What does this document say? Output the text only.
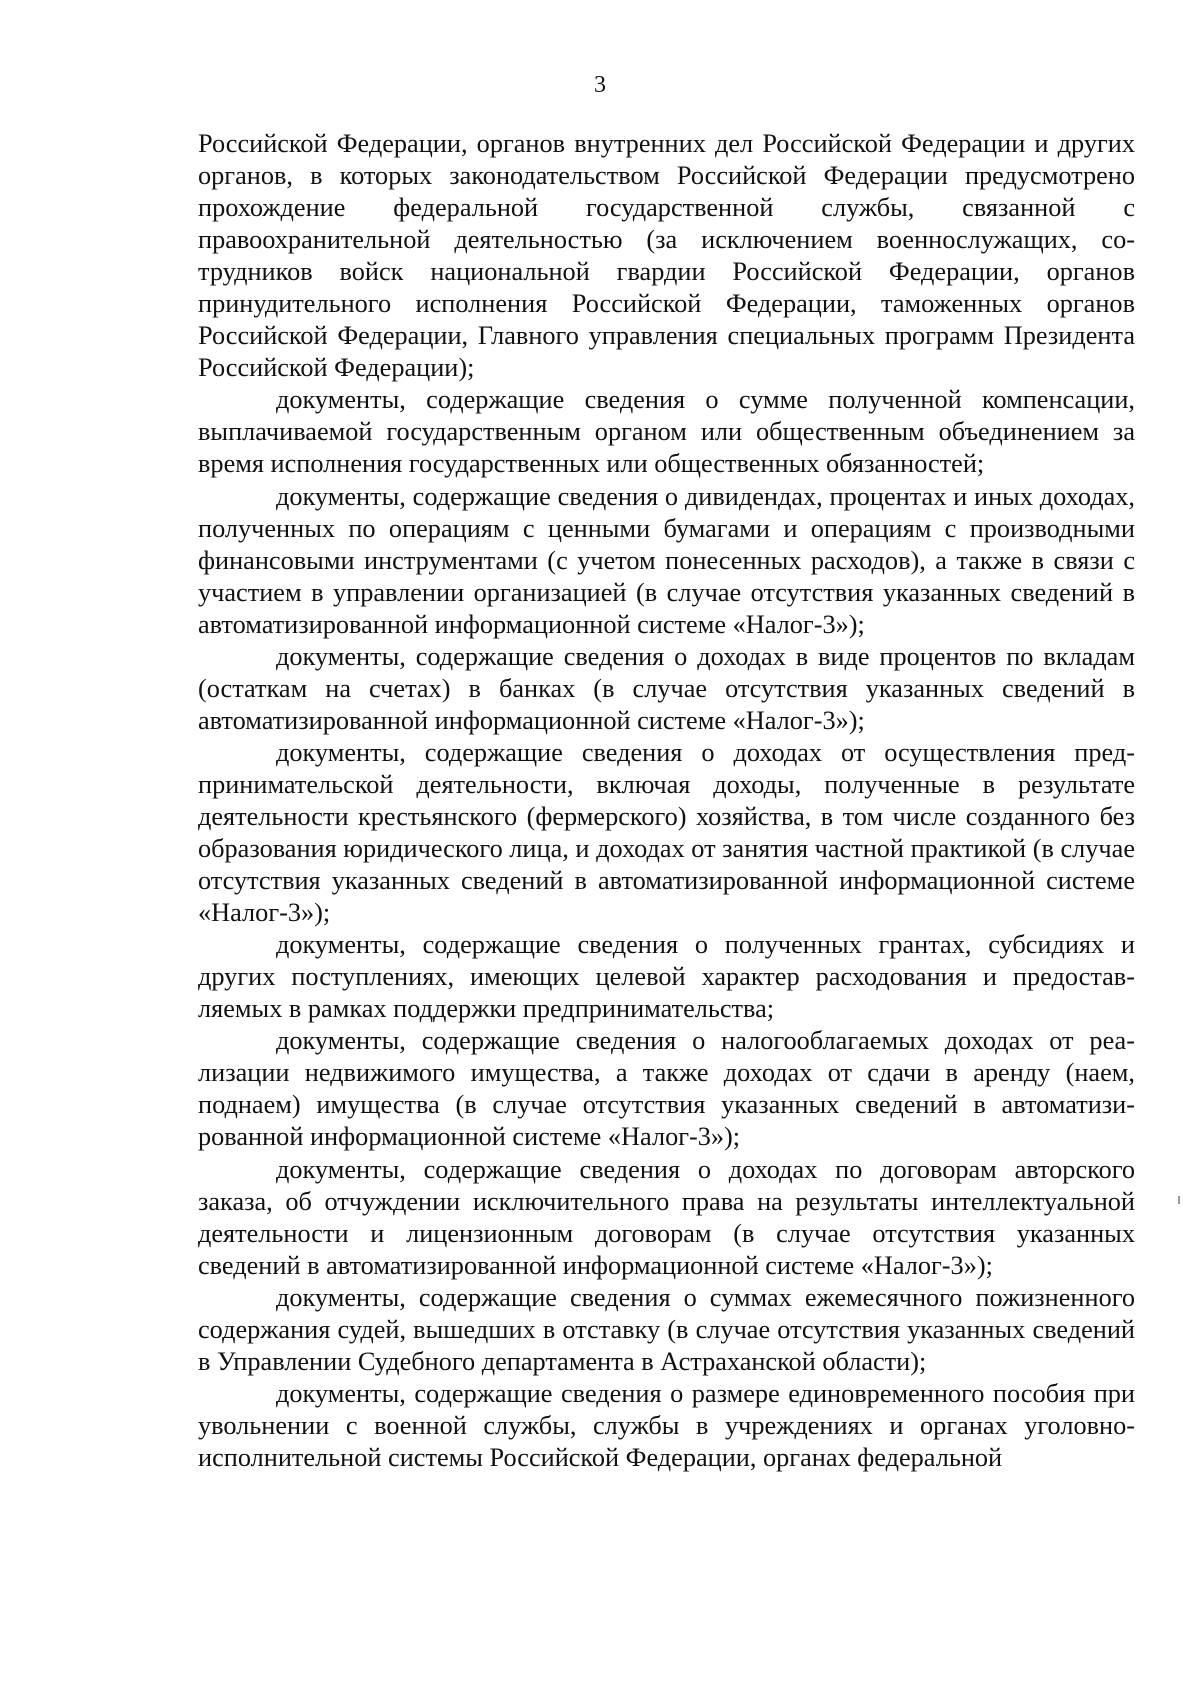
3

Российской Федерации, органов внутренних дел Российской Федерации и других органов, в которых законодательством Российской Федерации предусмотрено прохождение федеральной государственной службы, связанной с правоохранительной деятельностью (за исключением военнослужащих, сотрудников войск национальной гвардии Российской Федерации, органов принудительного исполнения Российской Федерации, таможенных органов Российской Федерации, Главного управления специальных программ Президента Российской Федерации);

документы, содержащие сведения о сумме полученной компенсации, выплачиваемой государственным органом или общественным объединением за время исполнения государственных или общественных обязанностей;

документы, содержащие сведения о дивидендах, процентах и иных доходах, полученных по операциям с ценными бумагами и операциям с производными финансовыми инструментами (с учетом понесенных расходов), а также в связи с участием в управлении организацией (в случае отсутствия указанных сведений в автоматизированной информационной системе «Налог-3»);

документы, содержащие сведения о доходах в виде процентов по вкладам (остаткам на счетах) в банках (в случае отсутствия указанных сведений в автоматизированной информационной системе «Налог-3»);

документы, содержащие сведения о доходах от осуществления предпринимательской деятельности, включая доходы, полученные в результате деятельности крестьянского (фермерского) хозяйства, в том числе созданного без образования юридического лица, и доходах от занятия частной практикой (в случае отсутствия указанных сведений в автоматизированной информационной системе «Налог-3»);

документы, содержащие сведения о полученных грантах, субсидиях и других поступлениях, имеющих целевой характер расходования и предоставляемых в рамках поддержки предпринимательства;

документы, содержащие сведения о налогооблагаемых доходах от реализации недвижимого имущества, а также доходах от сдачи в аренду (наем, поднаем) имущества (в случае отсутствия указанных сведений в автоматизированной информационной системе «Налог-3»);

документы, содержащие сведения о доходах по договорам авторского заказа, об отчуждении исключительного права на результаты интеллектуальной деятельности и лицензионным договорам (в случае отсутствия указанных сведений в автоматизированной информационной системе «Налог-3»);

документы, содержащие сведения о суммах ежемесячного пожизненного содержания судей, вышедших в отставку (в случае отсутствия указанных сведений в Управлении Судебного департамента в Астраханской области);

документы, содержащие сведения о размере единовременного пособия при увольнении с военной службы, службы в учреждениях и органах уголовно-исполнительной системы Российской Федерации, органах федеральной
